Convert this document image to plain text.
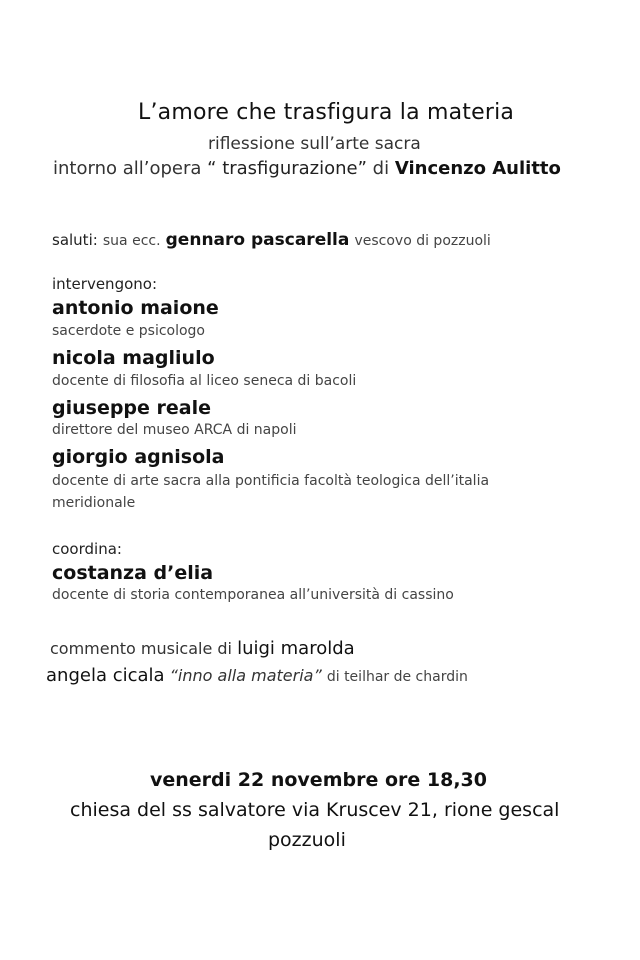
L’amore che trasfigura la materia
riflessione sull’arte sacra
intorno all’opera “ trasfigurazione” di Vincenzo Aulitto
saluti: sua ecc. gennaro pascarella vescovo di pozzuoli
intervengono:
antonio maione
sacerdote e psicologo
nicola magliulo
docente di filosofia al liceo seneca di bacoli
giuseppe reale
direttore del museo ARCA di napoli
giorgio agnisola
docente di arte sacra alla pontificia facoltà teologica dell’italia
meridionale
coordina:
costanza d’elia
docente di storia contemporanea all’università di cassino
commento musicale di luigi marolda
angela cicala “inno alla materia” di teilhar de chardin
venerdi 22 novembre ore 18,30
chiesa del ss salvatore via Kruscev 21, rione gescal
pozzuoli
